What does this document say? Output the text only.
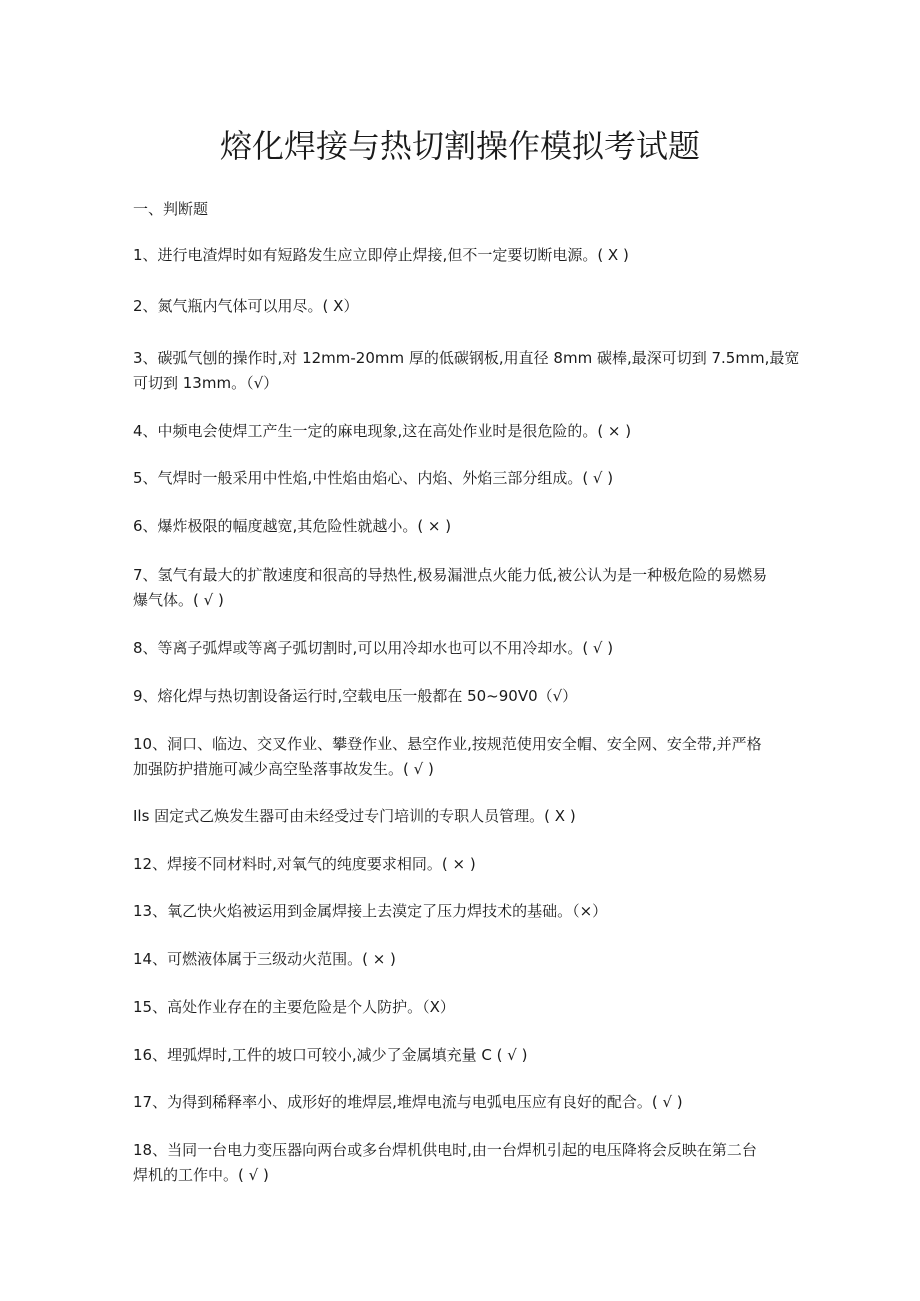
熔化焊接与热切割操作模拟考试题

一、判断题

1、进行电渣焊时如有短路发生应立即停止焊接,但不一定要切断电源。( X )
2、氮气瓶内气体可以用尽。( X）
3、碳弧气刨的操作时,对 12mm-20mm 厚的低碳钢板,用直径 8mm 碳棒,最深可切到 7.5mm,最宽
可切到 13mm。（√）
4、中频电会使焊工产生一定的麻电现象,这在高处作业时是很危险的。( × )
5、气焊时一般采用中性焰,中性焰由焰心、内焰、外焰三部分组成。( √ )
6、爆炸极限的幅度越宽,其危险性就越小。( × )
7、氢气有最大的扩散速度和很高的导热性,极易漏泄点火能力低,被公认为是一种极危险的易燃易
爆气体。( √ )
8、等离子弧焊或等离子弧切割时,可以用冷却水也可以不用冷却水。( √ )
9、熔化焊与热切割设备运行时,空载电压一般都在 50~90V0（√）
10、洞口、临边、交叉作业、攀登作业、悬空作业,按规范使用安全帽、安全网、安全带,并严格
加强防护措施可减少高空坠落事故发生。( √ )
Ils 固定式乙焕发生器可由未经受过专门培训的专职人员管理。( X )
12、焊接不同材料时,对氧气的纯度要求相同。( × )
13、氧乙快火焰被运用到金属焊接上去漠定了压力焊技术的基础。（×）
14、可燃液体属于三级动火范围。( × )
15、高处作业存在的主要危险是个人防护。（X）
16、埋弧焊时,工件的坡口可较小,减少了金属填充量 C ( √ )
17、为得到稀释率小、成形好的堆焊层,堆焊电流与电弧电压应有良好的配合。( √ )
18、当同一台电力变压器向两台或多台焊机供电时,由一台焊机引起的电压降将会反映在第二台
焊机的工作中。( √ )
